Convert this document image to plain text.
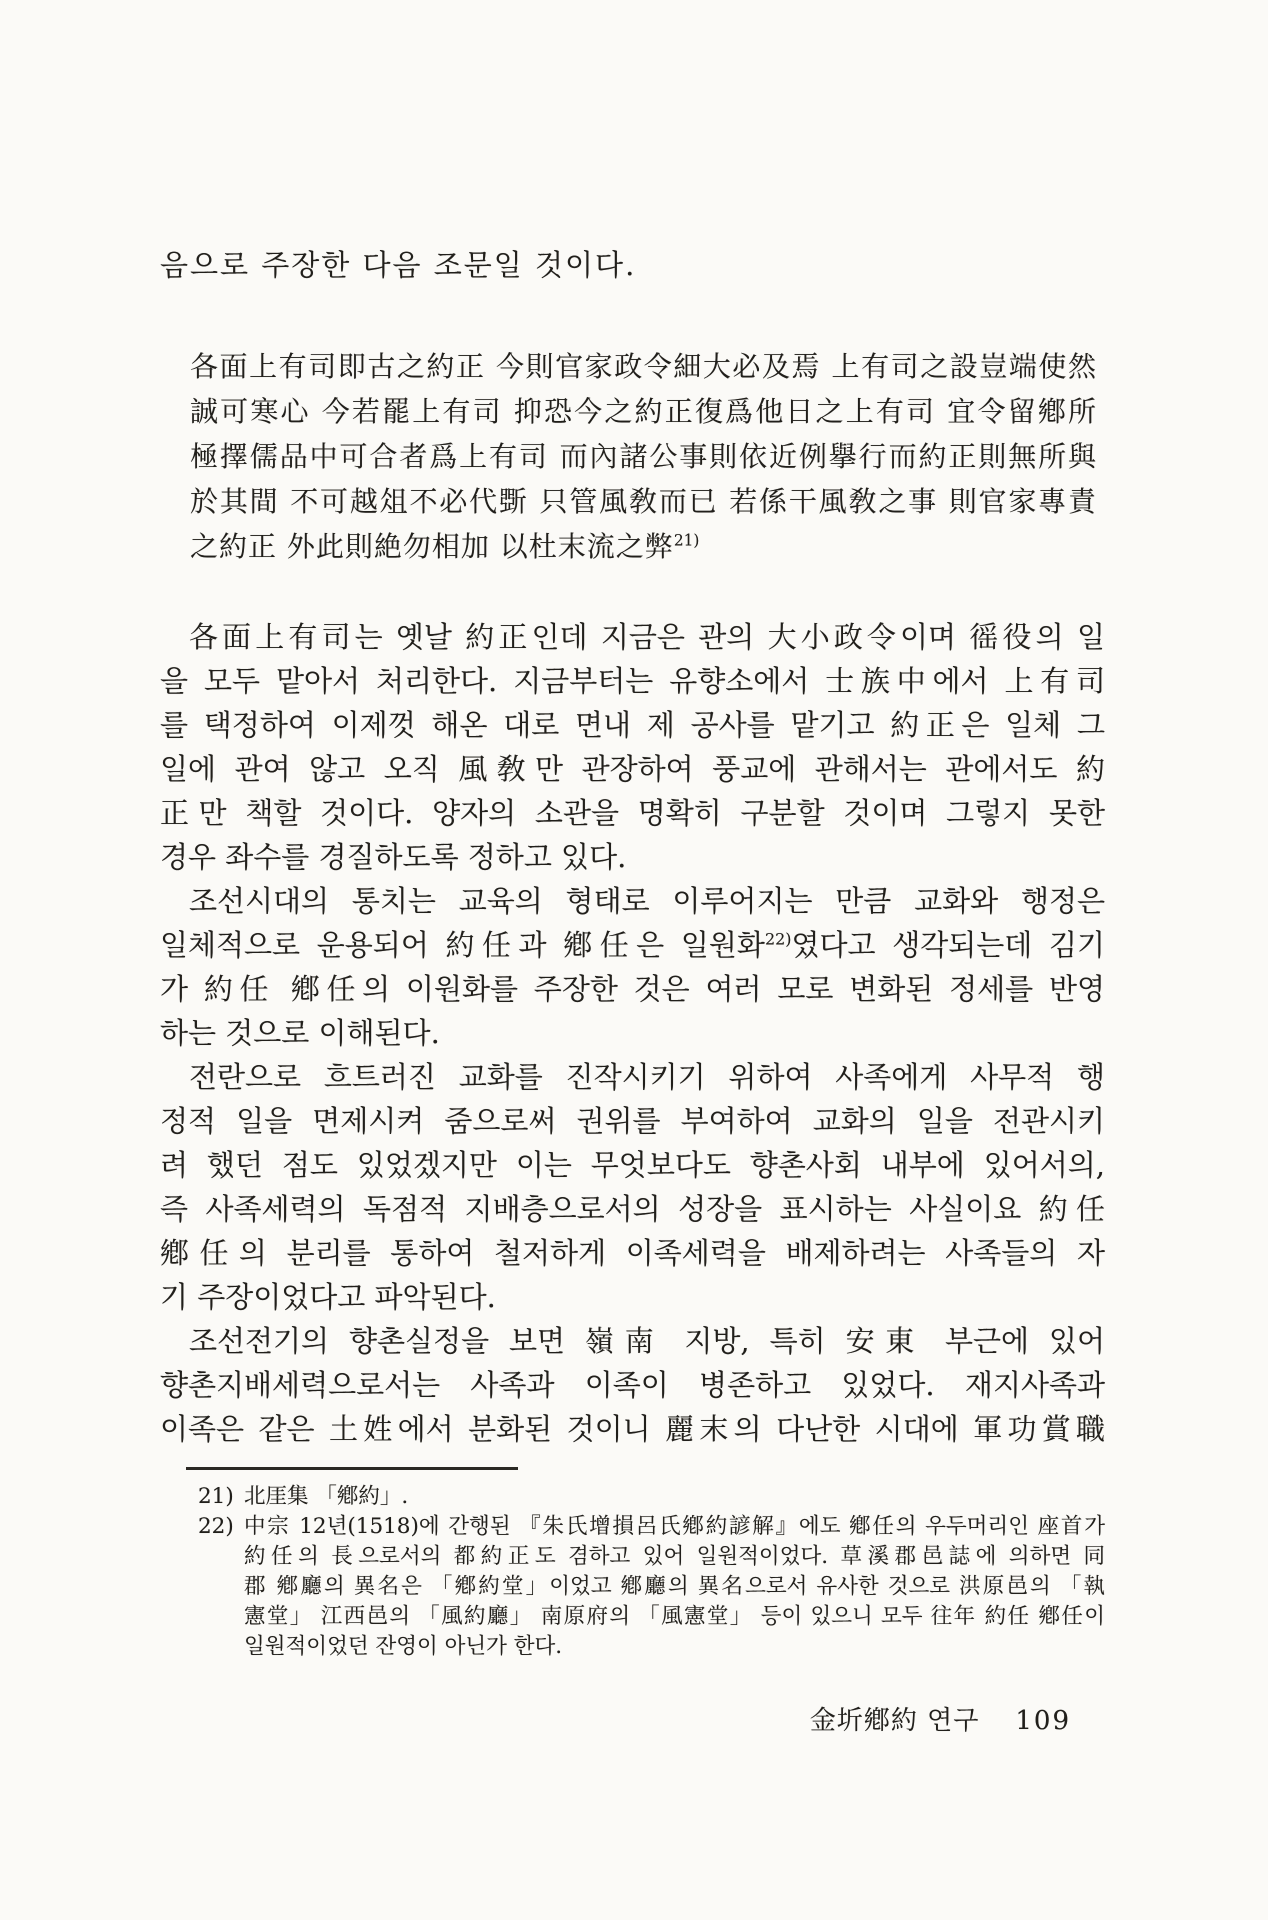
음으로 주장한 다음 조문일 것이다.
各面上有司即古之約正 今則官家政令細大必及焉 上有司之設豈端使然
誠可寒心 今若罷上有司 抑恐今之約正復爲他日之上有司 宜令留鄕所
極擇儒品中可合者爲上有司 而內諸公事則依近例擧行而約正則無所與
於其間 不可越俎不必代斲 只管風敎而已 若係干風敎之事 則官家專責
之約正 外此則絶勿相加 以杜末流之弊$^{21)}$
各面上有司는 옛날 約正인데 지금은 관의 大小政令이며 徭役의 일
을 모두 맡아서 처리한다. 지금부터는 유향소에서 士族中에서 上有司
를 택정하여 이제껏 해온 대로 면내 제 공사를 맡기고 約正은 일체 그
일에 관여 않고 오직 風敎만 관장하여 풍교에 관해서는 관에서도 約
正만 책할 것이다. 양자의 소관을 명확히 구분할 것이며 그렇지 못한
경우 좌수를 경질하도록 정하고 있다.
조선시대의 통치는 교육의 형태로 이루어지는 만큼 교화와 행정은
일체적으로 운용되어 約任과 鄕任은 일원화$^{22)}$였다고 생각되는데 김기
가 約任 鄕任의 이원화를 주장한 것은 여러 모로 변화된 정세를 반영
하는 것으로 이해된다.
전란으로 흐트러진 교화를 진작시키기 위하여 사족에게 사무적 행
정적 일을 면제시켜 줌으로써 권위를 부여하여 교화의 일을 전관시키
려 했던 점도 있었겠지만 이는 무엇보다도 향촌사회 내부에 있어서의,
즉 사족세력의 독점적 지배층으로서의 성장을 표시하는 사실이요 約任
鄕任의 분리를 통하여 철저하게 이족세력을 배제하려는 사족들의 자
기 주장이었다고 파악된다.
조선전기의 향촌실정을 보면 嶺南 지방, 특히 安東 부근에 있어
향촌지배세력으로서는 사족과 이족이 병존하고 있었다. 재지사족과
이족은 같은 土姓에서 분화된 것이니 麗末의 다난한 시대에 軍功賞職
21) 北厓集 「鄕約」.
22) 中宗 12년(1518)에 간행된 『朱氏增損呂氏鄕約諺解』에도 鄕任의 우두머리인 座首가
約任의 長으로서의 都約正도 겸하고 있어 일원적이었다. 草溪郡邑誌에 의하면 同
郡 鄕廳의 異名은 「鄕約堂」이었고 鄕廳의 異名으로서 유사한 것으로 洪原邑의 「執
憲堂」 江西邑의 「風約廳」 南原府의 「風憲堂」 등이 있으니 모두 往年 約任 鄕任이
일원적이었던 잔영이 아닌가 한다.
金圻鄕約 연구 109
